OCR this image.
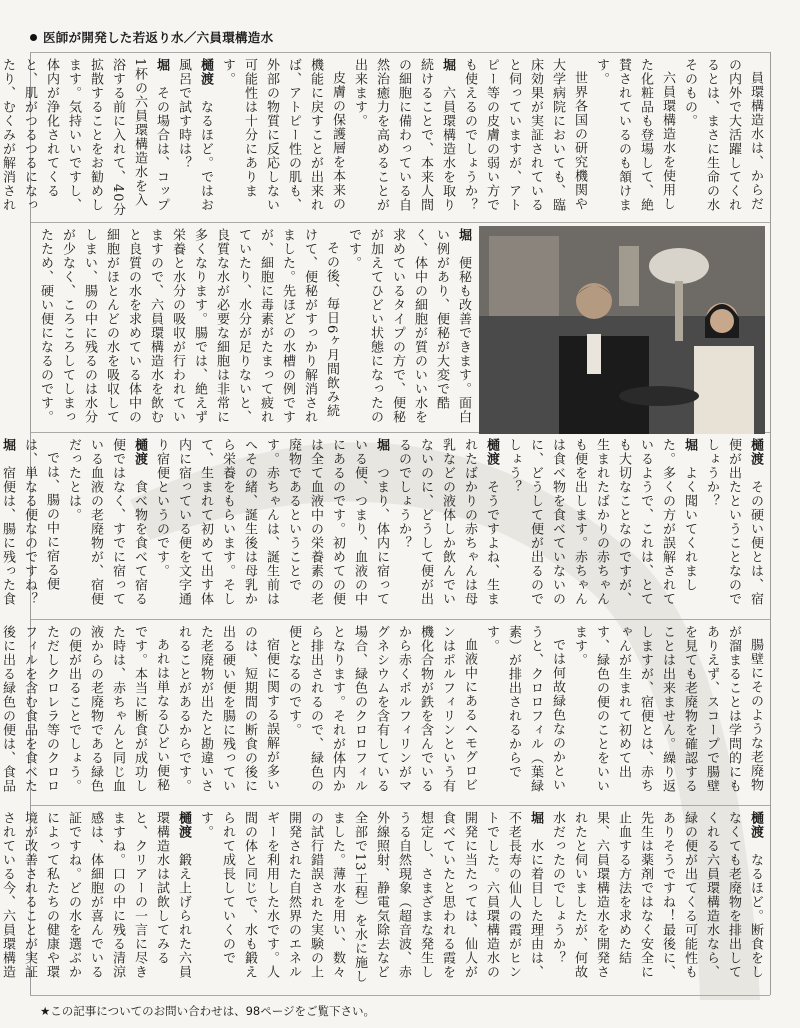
医師が開発した若返り水／六員環構造水
員環構造水は、からだの内外で大活躍してくれるとは、まさに生命の水そのもの。
六員環構造水を使用した化粧品も登場して、絶賛されているのも頷けます。
世界各国の研究機関や大学病院においても、臨床効果が実証されていると伺っていますが、アトピー等の皮膚の弱い方でも使えるのでしょうか？
堀　六員環構造水を取り続けることで、本来人間の細胞に備わっている自然治癒力を高めることが出来ます。
皮膚の保護層を本来の機能に戻すことが出来れば、アトピー性の肌も、外部の物質に反応しない可能性は十分にあります。
樋渡　なるほど。ではお風呂で試す時は？
堀　その場合は、コップ1杯の六員環構造水を入浴する前に入れて、40分拡散することをお勧めします。気持いいですし、体内が浄化されてくると、肌がつるつるになったり、むくみが解消され
堀　便秘も改善できます。面白い例があり、便秘が大変で酷く、体中の細胞が質のいい水を求めているタイプの方で、便秘が加えてひどい状態になったのです。
その後、毎日6ヶ月間飲み続けて、便秘がすっかり解消されました。先ほどの水槽の例ですが、細胞に毒素がたまって疲れていたり、水分が足りないと、良質な水が必要な細胞は非常に多くなります。腸では、絶えず栄養と水分の吸収が行われていますので、六員環構造水を飲むと良質の水を求めている体中の細胞がほとんどの水を吸収してしまい、腸の中に残るのは水分が少なく、ころころしてしまったため、硬い便になるのです。
樋渡　その硬い便とは、宿便が出たということなのでしょうか？
堀　よく聞いてくれました。多くの方が誤解されているようで、これは、とても大切なことなのですが、生まれたばかりの赤ちゃんも便を出します。赤ちゃんは食べ物を食べていないのに、どうして便が出るのでしょう？
樋渡　そうですよね、生まれたばかりの赤ちゃんは母乳などの液体しか飲んでいないのに、どうして便が出るのでしょうか？
堀　つまり、体内に宿っている便、つまり、血液の中にあるのです。初めての便は全て血液中の栄養素の老廃物であるということです。赤ちゃんは、誕生前はへその緒、誕生後は母乳から栄養をもらいます。そして、生まれて初めて出す体内に宿っている便を文字通り宿便というのです。
樋渡　食べ物を食べて宿る便ではなく、すでに宿っている血液の老廃物が、宿便だったとは。
では、腸の中に宿る便は、単なる便なのですね？
堀　宿便は、腸に残った食
腸壁にそのような老廃物が溜まることは学問的にもありえず、スコープで腸壁を見ても老廃物を確認することは出来ません。繰り返しますが、宿便とは、赤ちゃんが生まれて初めて出す、緑色の便のことをいいます。
では何故緑色なのかというと、クロロフィル（葉緑素）が排出されるからです。
血液中にあるヘモグロビンはポルフィリンという有機化合物が鉄を含んでいるから赤くポルフィリンがマグネシウムを含有している場合、緑色のクロロフィルとなります。それが体内から排出されるので、緑色の便となるのです。
宿便に関する誤解が多いのは、短期間の断食の後に出る硬い便を腸に残っていた老廃物が出たと勘違いされることがあるからです。
あれは単なるひどい便秘です。本当に断食が成功した時は、赤ちゃんと同じ血液からの老廃物である緑色の便が出ることでしょう。ただしクロレラ等のクロロフィルを含む食品を食べた後に出る緑色の便は、食品
樋渡　なるほど。断食をしなくても老廃物を排出してくれる六員環構造水なら、緑の便が出てくる可能性もありそうですね！最後に、先生は薬剤ではなく安全に止血する方法を求めた結果、六員環構造水を開発されたと伺いましたが、何故水だったのでしょうか？
堀　水に着目した理由は、不老長寿の仙人の霞がヒントでした。六員環構造水の開発に当たっては、仙人が食べていたと思われる霞を想定し、さまざまな発生しうる自然現象（超音波、赤外線照射、静電気除去など全部で13工程）を水に施しました。薄水を用い、数々の試行錯誤された実験の上開発された自然界のエネルギーを利用した水です。人間の体と同じで、水も鍛えられて成長していくのです。
樋渡　鍛え上げられた六員環構造水は試飲してみると、クリアーの一言に尽きますね。口の中に残る清涼感は、体細胞が喜んでいる証ですね。どの水を選ぶかによって私たちの健康や環境が改善されることが実証されている今、六員環構造
★この記事についてのお問い合わせは、98ページをご覧下さい。
